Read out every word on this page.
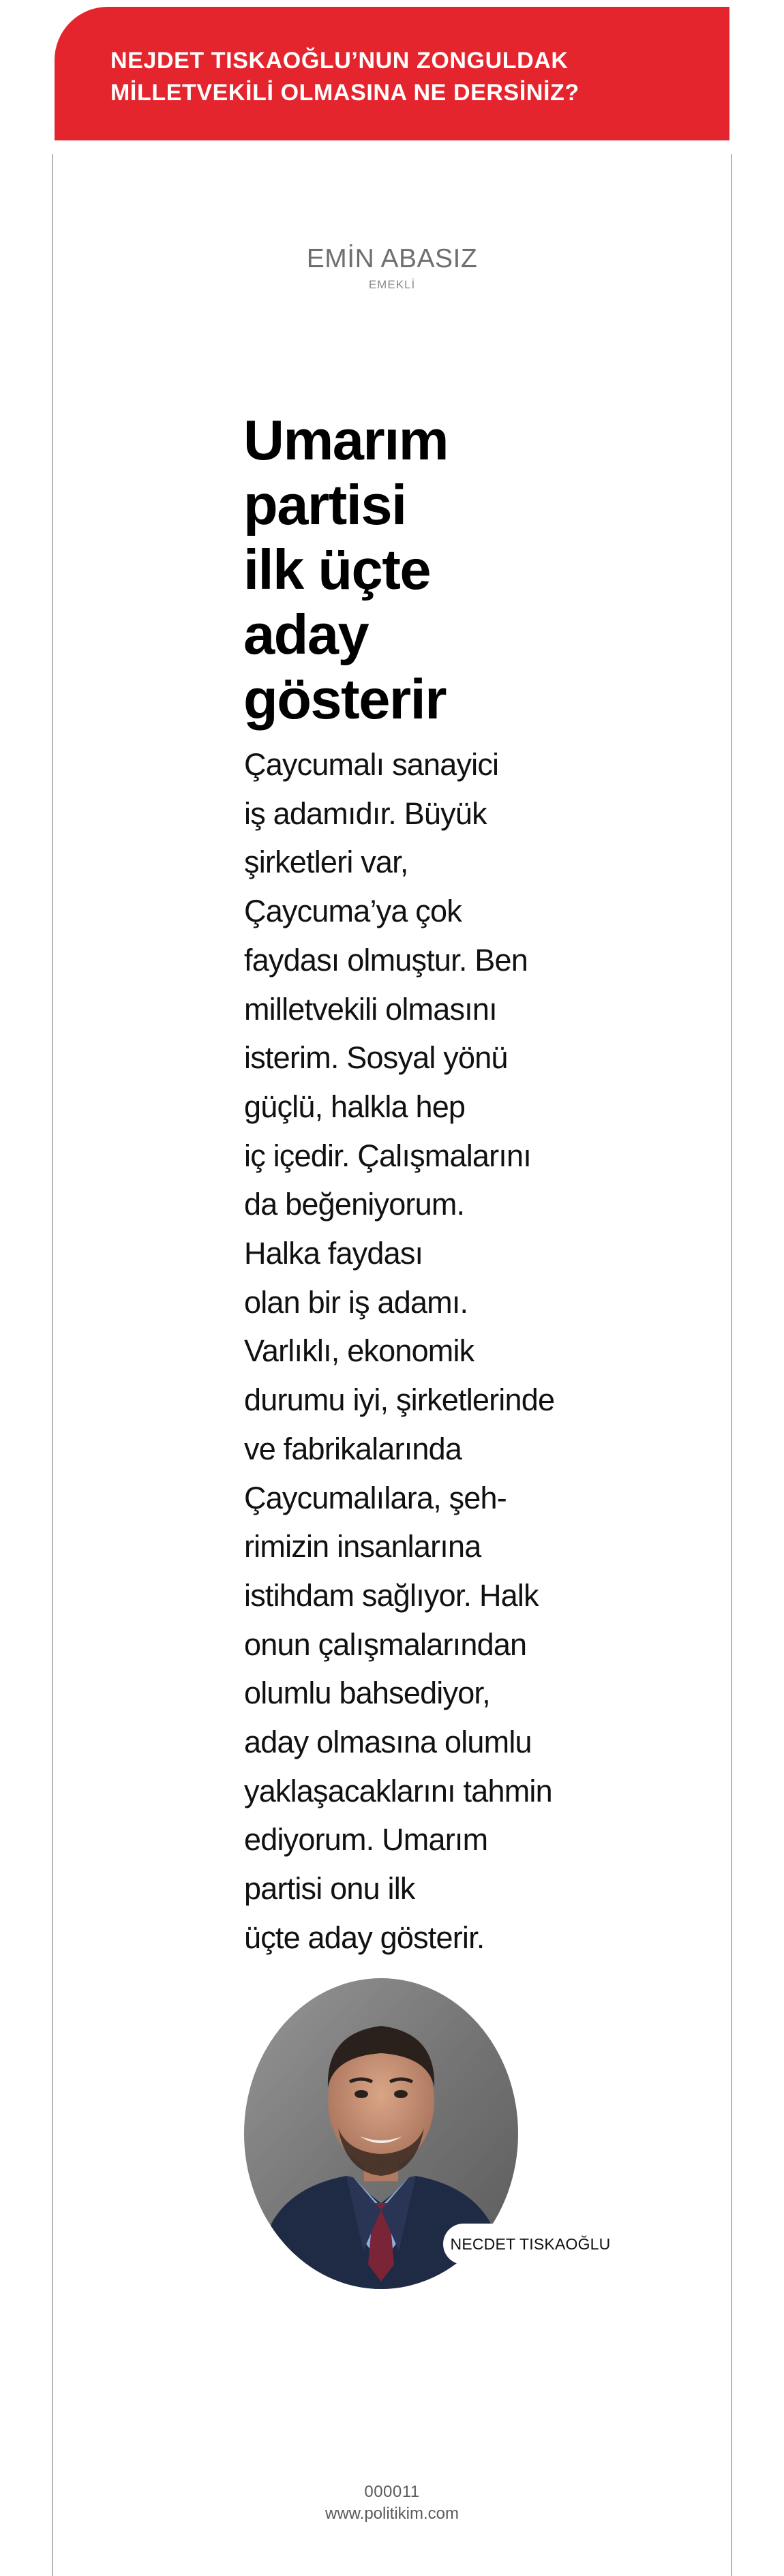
NEJDET TISKAOĞLU’NUN ZONGULDAK
MİLLETVEKİLİ OLMASINA NE DERSİNİZ?
EMİN ABASIZ
EMEKLİ
Umarım
partisi
ilk üçte
aday
gösterir

Çaycumalı sanayici
iş adamıdır. Büyük
şirketleri var,
Çaycuma’ya çok
faydası olmuştur. Ben
milletvekili olmasını
isterim. Sosyal yönü
güçlü, halkla hep
iç içedir. Çalışmalarını
da beğeniyorum.
Halka faydası
olan bir iş adamı.
Varlıklı, ekonomik
durumu iyi, şirketlerinde
ve fabrikalarında
Çaycumalılara, şeh-
rimizin insanlarına
istihdam sağlıyor. Halk
onun çalışmalarından
olumlu bahsediyor,
aday olmasına olumlu
yaklaşacaklarını tahmin
ediyorum. Umarım
partisi onu ilk
üçte aday gösterir.

NECDET TISKAOĞLU
000011
www.politikim.com
